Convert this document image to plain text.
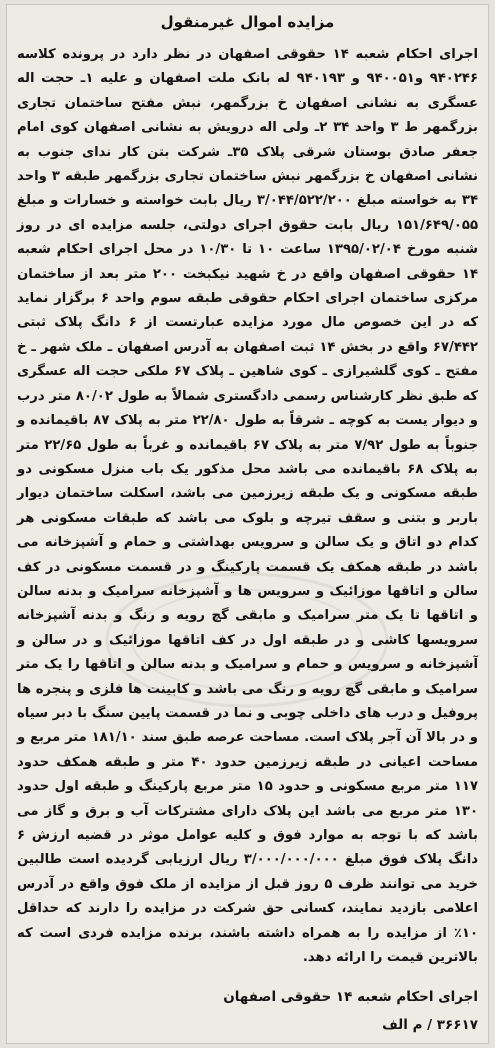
مزایده اموال غیرمنقول

اجرای احکام شعبه ۱۴ حقوقی اصفهان در نظر دارد در پرونده کلاسه ۹۴۰۲۴۶ و۹۴۰۰۵۱ و ۹۴۰۱۹۳ له بانک ملت اصفهان و علیه ۱ـ حجت اله عسگری به نشانی اصفهان خ بزرگمهر، نبش مفتح ساختمان تجاری بزرگمهر ط ۳ واحد ۳۴ ۲ـ ولی اله درویش به نشانی اصفهان کوی امام جعفر صادق بوستان شرقی پلاک ۳۵ـ شرکت بتن کار ندای جنوب به نشانی اصفهان خ بزرگمهر نبش ساختمان تجاری بزرگمهر طبقه ۳ واحد ۳۴ به خواسته مبلغ ۳/۰۴۴/۵۲۲/۲۰۰ ریال بابت خواسته و خسارات و مبلغ ۱۵۱/۶۴۹/۰۵۵ ریال بابت حقوق اجرای دولتی، جلسه مزایده ای در روز شنبه مورخ ۱۳۹۵/۰۲/۰۴ ساعت ۱۰ تا ۱۰/۳۰ در محل اجرای احکام شعبه ۱۴ حقوقی اصفهان واقع در خ شهید نیکبخت ۲۰۰ متر بعد از ساختمان مرکزی ساختمان اجرای احکام حقوقی طبقه سوم واحد ۶ برگزار نماید که در این خصوص مال مورد مزایده عبارتست از ۶ دانگ پلاک ثبتی ۶۷/۴۴۲ واقع در بخش ۱۴ ثبت اصفهان به آدرس اصفهان ـ ملک شهر ـ خ مفتح ـ کوی گلشیرازی ـ کوی شاهین ـ پلاک ۶۷ ملکی حجت اله عسگری که طبق نظر کارشناس رسمی دادگستری شمالاً به طول ۸۰/۰۲ متر درب و دیوار یست به کوچه ـ شرقاً به طول ۲۲/۸۰ متر به پلاک ۸۷ باقیمانده و جنوباً به طول ۷/۹۲ متر به پلاک ۶۷ باقیمانده و غرباً به طول ۲۲/۶۵ متر به پلاک ۶۸ باقیمانده می باشد محل مذکور یک باب منزل مسکونی دو طبقه مسکونی و یک طبقه زیرزمین می باشد، اسکلت ساختمان دیوار باربر و بتنی و سقف تیرچه و بلوک می باشد که طبقات مسکونی هر کدام دو اتاق و یک سالن و سرویس بهداشتی و حمام و آشپزخانه می باشد در طبقه همکف یک قسمت پارکینگ و در قسمت مسکونی در کف سالن و اتاقها موزائیک و سرویس ها و آشپزخانه سرامیک و بدنه سالن و اتاقها تا یک متر سرامیک و مابقی گچ رویه و رنگ و بدنه آشپزخانه سرویسها کاشی و در طبقه اول در کف اتاقها موزائیک و در سالن و آشپزخانه و سرویس و حمام و سرامیک و بدنه سالن و اتاقها را یک متر سرامیک و مابقی گچ رویه و رنگ می باشد و کابینت ها فلزی و پنجره ها پروفیل و درب های داخلی چوبی و نما در قسمت پایین سنگ با دبر سیاه و در بالا آن آجر پلاک است. مساحت عرصه طبق سند ۱۸۱/۱۰ متر مربع و مساحت اعیانی در طبقه زیرزمین حدود ۴۰ متر و طبقه همکف حدود ۱۱۷ متر مربع مسکونی و حدود ۱۵ متر مربع پارکینگ و طبقه اول حدود ۱۳۰ متر مربع می باشد این پلاک دارای مشترکات آب و برق و گاز می باشد که با توجه به موارد فوق و کلیه عوامل موثر در قضیه ارزش ۶ دانگ پلاک فوق مبلغ ۳/۰۰۰/۰۰۰/۰۰۰ ریال ارزیابی گردیده است طالبین خرید می توانند ظرف ۵ روز قبل از مزایده از ملک فوق واقع در آدرس اعلامی بازدید نمایند، کسانی حق شرکت در مزایده را دارند که حداقل ۱۰٪ از مزایده را به همراه داشته باشند، برنده مزایده فردی است که بالاترین قیمت را ارائه دهد.

اجرای احکام شعبه ۱۴ حقوقی اصفهان

۳۶۶۱۷ / م الف
